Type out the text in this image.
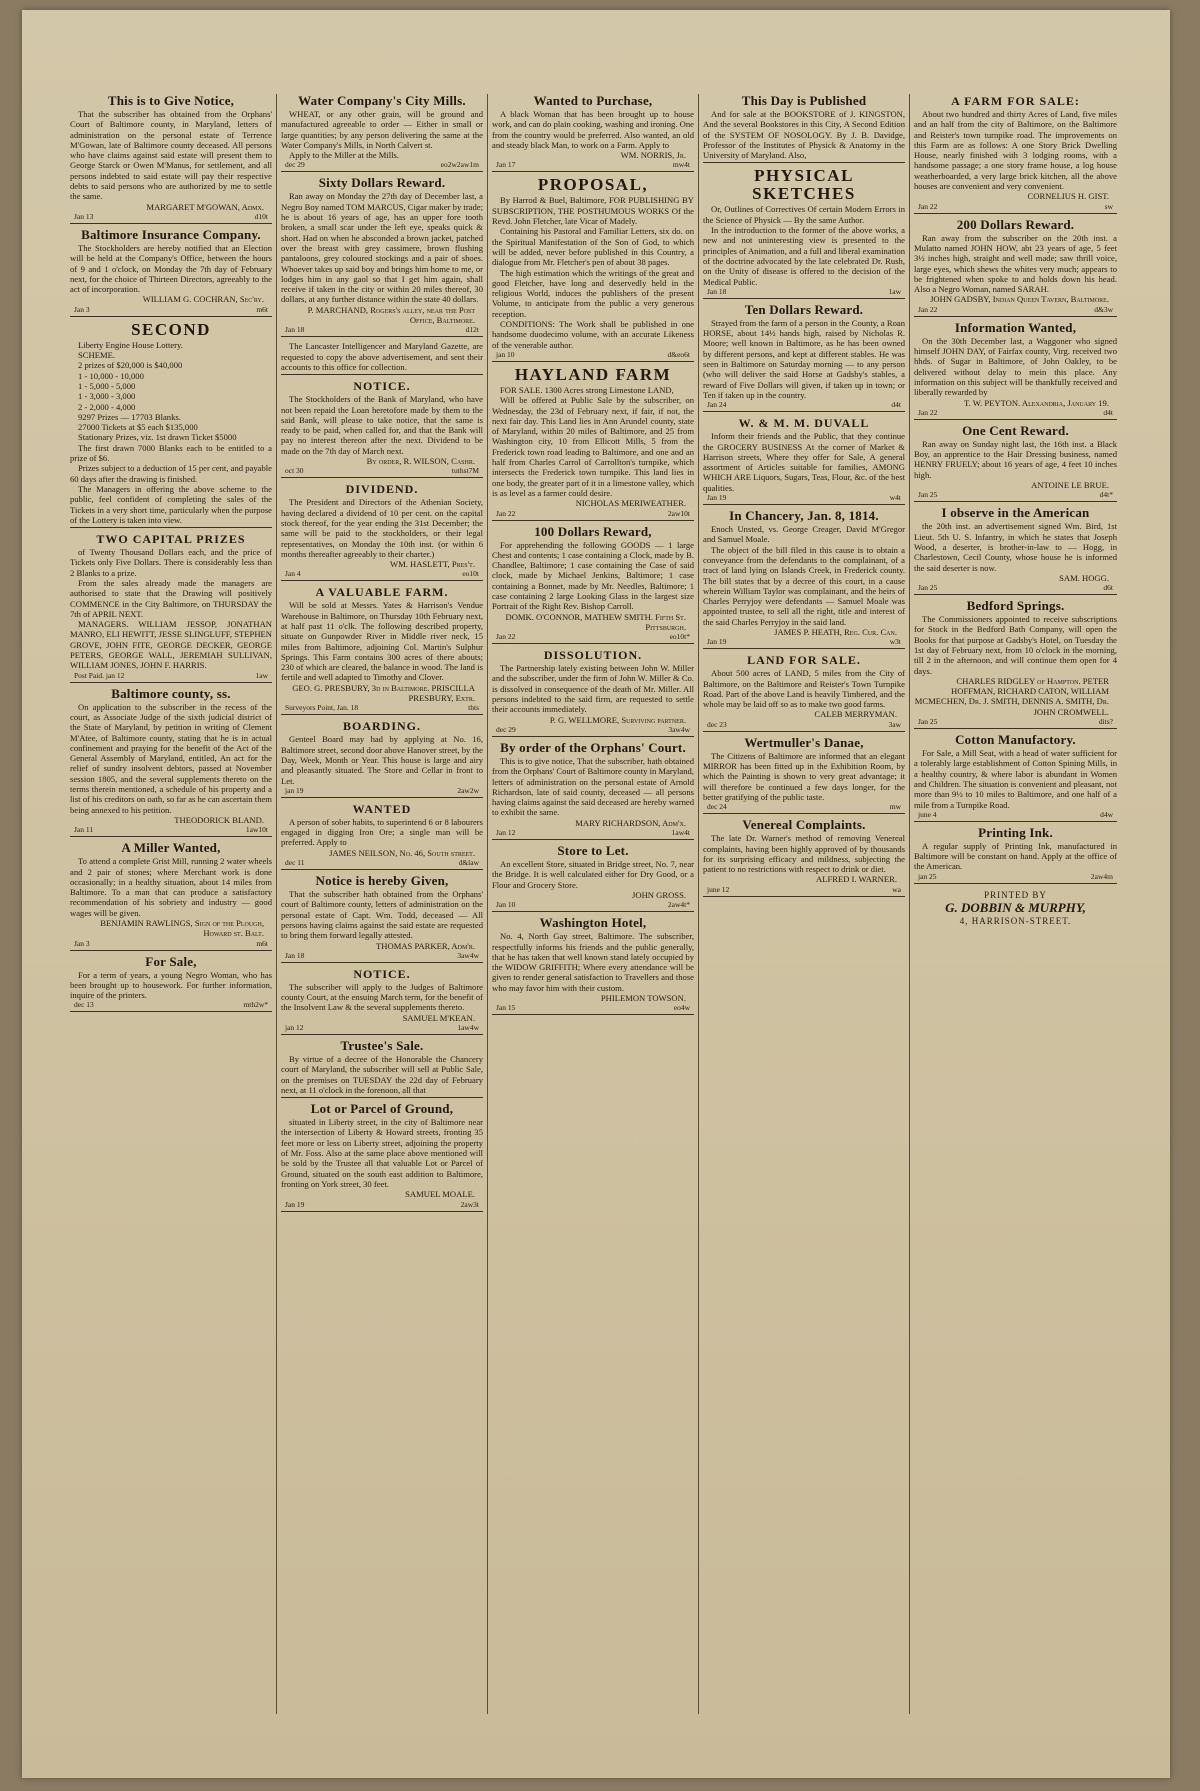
This is to Give Notice,

That the subscriber has obtained from the Orphans' Court of Baltimore county, in Maryland, letters of administration on the personal estate of Terrence M'Gowan, late of Baltimore county deceased. All persons who have claims against said estate will present them to George Starck or Owen M'Manus, for settlement, and all persons indebted to said estate will pay their respective debts to said persons who are authorized by me to settle the same.

MARGARET M'GOWAN, Admx.
Jan 13	d10t
Baltimore Insurance Company.

The Stockholders are hereby notified that an Election will be held at the Company's Office, between the hours of 9 and 1 o'clock, on Monday the 7th day of February next, for the choice of Thirteen Directors, agreeably to the act of incorporation.

WILLIAM G. COCHRAN, Sec'ry.
Jan 3	m6t
SECOND

Liberty Engine House Lottery.

SCHEME.

2 prizes of $20,000 is $40,000

1 - 10,000 - 10,000

1 - 5,000 - 5,000

1 - 3,000 - 3,000

2 - 2,000 - 4,000

9297 Prizes — 17703 Blanks.

27000 Tickets at $5 each $135,000

Stationary Prizes, viz. 1st drawn Ticket $5000

The first drawn 7000 Blanks each to be entitled to a prize of $6.

Prizes subject to a deduction of 15 per cent, and payable 60 days after the drawing is finished.

The Managers in offering the above scheme to the public, feel confident of completing the sales of the Tickets in a very short time, particularly when the purpose of the Lottery is taken into view.

TWO CAPITAL PRIZES

of Twenty Thousand Dollars each, and the price of Tickets only Five Dollars. There is considerably less than 2 Blanks to a prize.

From the sales already made the managers are authorised to state that the Drawing will positively COMMENCE in the City Baltimore, on THURSDAY the 7th of APRIL NEXT.

MANAGERS. WILLIAM JESSOP, JONATHAN MANRO, ELI HEWITT, JESSE SLINGLUFF, STEPHEN GROVE, JOHN FITE, GEORGE DECKER, GEORGE PETERS, GEORGE WALL, JEREMIAH SULLIVAN, WILLIAM JONES, JOHN F. HARRIS.

Post Paid. jan 12	1aw
Baltimore county, ss.

On application to the subscriber in the recess of the court, as Associate Judge of the sixth judicial district of the State of Maryland, by petition in writing of Clement M'Atee, of Baltimore county, stating that he is in actual confinement and praying for the benefit of the Act of the General Assembly of Maryland, entitled, An act for the relief of sundry insolvent debtors, passed at November session 1805, and the several supplements thereto on the terms therein mentioned, a schedule of his property and a list of his creditors on oath, so far as he can ascertain them being annexed to his petition.

THEODORICK BLAND.
Jan 11	1aw10t
A Miller Wanted,

To attend a complete Grist Mill, running 2 water wheels and 2 pair of stones; where Merchant work is done occasionally; in a healthy situation, about 14 miles from Baltimore. To a man that can produce a satisfactory recommendation of his sobriety and industry — good wages will be given.

BENJAMIN RAWLINGS, Sign of the Plough, Howard st. Balt.
Jan 3	m6t
For Sale,

For a term of years, a young Negro Woman, who has been brought up to housework. For further information, inquire of the printers.

dec 13	mth2w*
Water Company's City Mills.

WHEAT, or any other grain, will be ground and manufactured agreeable to order — Either in small or large quantities; by any person delivering the same at the Water Company's Mills, in North Calvert st.

Apply to the Miller at the Mills.

dec 29	eo2w2aw1m
Sixty Dollars Reward.

Ran away on Monday the 27th day of December last, a Negro Boy named TOM MARCUS, Cigar maker by trade; he is about 16 years of age, has an upper fore tooth broken, a small scar under the left eye, speaks quick & short. Had on when he absconded a brown jacket, patched over the breast with grey cassimere, brown flushing pantaloons, grey coloured stockings and a pair of shoes. Whoever takes up said boy and brings him home to me, or lodges him in any gaol so that I get him again, shall receive if taken in the city or within 20 miles thereof, 30 dollars, at any further distance within the state 40 dollars.

P. MARCHAND, Rogers's alley, near the Post Office, Baltimore.
Jan 18	d12t

The Lancaster Intelligencer and Maryland Gazette, are requested to copy the above advertisement, and sent their accounts to this office for collection.

NOTICE.

The Stockholders of the Bank of Maryland, who have not been repaid the Loan heretofore made by them to the said Bank, will please to take notice, that the same is ready to be paid, when called for, and that the Bank will pay no interest thereon after the next. Dividend to be made on the 7th day of March next.

By order, R. WILSON, Cashr.
oct 30	tuthst7M
DIVIDEND.

The President and Directors of the Athenian Society, having declared a dividend of 10 per cent. on the capital stock thereof, for the year ending the 31st December; the same will be paid to the stockholders, or their legal representatives, on Monday the 10th inst. (or within 6 months thereafter agreeably to their charter.)

WM. HASLETT, Pres't.
Jan 4	eo10t
A VALUABLE FARM.

Will be sold at Messrs. Yates & Harrison's Vendue Warehouse in Baltimore, on Thursday 10th February next, at half past 11 o'clk. The following described property, situate on Gunpowder River in Middle river neck, 15 miles from Baltimore, adjoining Col. Martin's Sulphur Springs. This Farm contains 300 acres of there abouts; 230 of which are cleared, the balance in wood. The land is fertile and well adapted to Timothy and Clover.

GEO. G. PRESBURY, 3d in Baltimore. PRISCILLA PRESBURY, Extr.
Surveyors Point, Jan. 18	thts
BOARDING.

Genteel Board may had by applying at No. 16, Baltimore street, second door above Hanover street, by the Day, Week, Month or Year. This house is large and airy and pleasantly situated. The Store and Cellar in front to Let.

jan 19	2aw2w
WANTED

A person of sober habits, to superintend 6 or 8 labourers engaged in digging Iron Ore; a single man will be preferred. Apply to

JAMES NEILSON, No. 46, South street.
dec 11	d&law
Notice is hereby Given,

That the subscriber hath obtained from the Orphans' court of Baltimore county, letters of administration on the personal estate of Capt. Wm. Todd, deceased — All persons having claims against the said estate are requested to bring them forward legally attested.

THOMAS PARKER, Adm'r.
Jan 18	3aw4w
NOTICE.

The subscriber will apply to the Judges of Baltimore county Court, at the ensuing March term, for the benefit of the Insolvent Law & the several supplements thereto.

SAMUEL M'KEAN.
jan 12	1aw4w
Trustee's Sale.

By virtue of a decree of the Honorable the Chancery court of Maryland, the subscriber will sell at Public Sale, on the premises on TUESDAY the 22d day of February next, at 11 o'clock in the forenoon, all that

Lot or Parcel of Ground,

situated in Liberty street, in the city of Baltimore near the intersection of Liberty & Howard streets, fronting 35 feet more or less on Liberty street, adjoining the property of Mr. Foss. Also at the same place above mentioned will be sold by the Trustee all that valuable Lot or Parcel of Ground, situated on the south east addition to Baltimore, fronting on York street, 30 feet.

SAMUEL MOALE.
Jan 19	2aw3t
Wanted to Purchase,

A black Woman that has been brought up to house work, and can do plain cooking, washing and ironing. One from the country would be preferred. Also wanted, an old and steady black Man, to work on a Farm. Apply to

WM. NORRIS, Jr.
Jan 17	mw4t
PROPOSAL,

By Harrod & Buel, Baltimore, FOR PUBLISHING BY SUBSCRIPTION, THE POSTHUMOUS WORKS Of the Revd. John Fletcher, late Vicar of Madely.

Containing his Pastoral and Familiar Letters, six do. on the Spiritual Manifestation of the Son of God, to which will be added, never before published in this Country, a dialogue from Mr. Fletcher's pen of about 38 pages.

The high estimation which the writings of the great and good Fletcher, have long and deservedly held in the religious World, induces the publishers of the present Volume, to anticipate from the public a very generous reception.

CONDITIONS: The Work shall be published in one handsome duodecimo volume, with an accurate Likeness of the venerable author.

jan 10	d&eo6t
HAYLAND FARM

FOR SALE. 1300 Acres strong Limestone LAND,

Will be offered at Public Sale by the subscriber, on Wednesday, the 23d of February next, if fair, if not, the next fair day. This Land lies in Ann Arundel county, state of Maryland, within 20 miles of Baltimore, and 25 from Washington city, 10 from Ellicott Mills, 5 from the Frederick town road leading to Baltimore, and one and an half from Charles Carrol of Carrollton's turnpike, which intersects the Frederick town turnpike. This land lies in one body, the greater part of it in a limestone valley, which is as level as a farmer could desire.

NICHOLAS MERIWEATHER.
Jan 22	2aw10t
100 Dollars Reward,

For apprehending the following GOODS — 1 large Chest and contents; 1 case containing a Clock, made by B. Chandlee, Baltimore; 1 case containing the Case of said clock, made by Michael Jenkins, Baltimore; 1 case containing a Bonnet, made by Mr. Needles, Baltimore; 1 case containing 2 large Looking Glass in the largest size Portrait of the Right Rev. Bishop Carroll.

DOMK. O'CONNOR, MATHEW SMITH. Fifth St. Pittsburgh.
Jan 22	eo10t*
DISSOLUTION.

The Partnership lately existing between John W. Miller and the subscriber, under the firm of John W. Miller & Co. is dissolved in consequence of the death of Mr. Miller. All persons indebted to the said firm, are requested to settle their accounts immediately.

P. G. WELLMORE, Surviving partner.
dec 29	3aw4w
By order of the Orphans' Court.

This is to give notice, That the subscriber, hath obtained from the Orphans' Court of Baltimore county in Maryland, letters of administration on the personal estate of Arnold Richardson, late of said county, deceased — all persons having claims against the said deceased are hereby warned to exhibit the same.

MARY RICHARDSON, Adm'x.
Jan 12	1aw4t
Store to Let.

An excellent Store, situated in Bridge street, No. 7, near the Bridge. It is well calculated either for Dry Good, or a Flour and Grocery Store.

JOHN GROSS.
Jan 10	2aw4t*
Washington Hotel,

No. 4, North Gay street, Baltimore. The subscriber, respectfully informs his friends and the public generally, that he has taken that well known stand lately occupied by the WIDOW GRIFFITH; Where every attendance will be given to render general satisfaction to Travellers and those who may favor him with their custom.

PHILEMON TOWSON.
Jan 15	eo4w
This Day is Published

And for sale at the BOOKSTORE of J. KINGSTON, And the several Bookstores in this City, A Second Edition of the SYSTEM OF NOSOLOGY. By J. B. Davidge, Professor of the Institutes of Physick & Anatomy in the University of Maryland. Also,

PHYSICAL SKETCHES

Or, Outlines of Correctives Of certain Modern Errors in the Science of Physick — By the same Author.

In the introduction to the former of the above works, a new and not uninteresting view is presented to the principles of Animation, and a full and liberal examination of the doctrine advocated by the late celebrated Dr. Rush, on the Unity of disease is offered to the decision of the Medical Public.

Jan 18	1aw
Ten Dollars Reward.

Strayed from the farm of a person in the County, a Roan HORSE, about 14½ hands high, raised by Nicholas R. Moore; well known in Baltimore, as he has been owned by different persons, and kept at different stables. He was seen in Baltimore on Saturday morning — to any person (who will deliver the said Horse at Gadsby's stables, a reward of Five Dollars will given, if taken up in town; or Ten if taken up in the country.

Jan 24	d4t
W. & M. M. DUVALL

Inform their friends and the Public, that they continue the GROCERY BUSINESS At the corner of Market & Harrison streets, Where they offer for Sale, A general assortment of Articles suitable for families, AMONG WHICH ARE Liquors, Sugars, Teas, Flour, &c. of the best qualities.

Jan 19	w4t
In Chancery, Jan. 8, 1814.

Enoch Unsted, vs. George Creager, David M'Gregor and Samuel Moale.

The object of the bill filed in this cause is to obtain a conveyance from the defendants to the complainant, of a tract of land lying on Islands Creek, in Frederick county. The bill states that by a decree of this court, in a cause wherein William Taylor was complainant, and the heirs of Charles Perryjoy were defendants — Samuel Moale was appointed trustee, to sell all the right, title and interest of the said Charles Perryjoy in the said land.

JAMES P. HEATH, Reg. Cur. Can.
Jan 19	w3t
LAND FOR SALE.

About 500 acres of LAND, 5 miles from the City of Baltimore, on the Baltimore and Reister's Town Turnpike Road. Part of the above Land is heavily Timbered, and the whole may be laid off so as to make two good farms.

CALEB MERRYMAN.
dec 23	3aw
Wertmuller's Danae,

The Citizens of Baltimore are informed that an elegant MIRROR has been fitted up in the Exhibition Room, by which the Painting is shown to very great advantage; it will therefore be continued a few days longer, for the better gratifying of the public taste.

dec 24	mw
Venereal Complaints.

The late Dr. Warner's method of removing Venereal complaints, having been highly approved of by thousands for its surprising efficacy and mildness, subjecting the patient to no restrictions with respect to drink or diet.

ALFRED I. WARNER.
june 12	wa
A FARM FOR SALE:

About two hundred and thirty Acres of Land, five miles and an half from the city of Baltimore, on the Baltimore and Reister's town turnpike road. The improvements on this Farm are as follows: A one Story Brick Dwelling House, nearly finished with 3 lodging rooms, with a handsome passage; a one story frame house, a log house weatherboarded, a very large brick kitchen, all the above houses are convenient and very convenient.

CORNELIUS H. GIST.
Jan 22	sw
200 Dollars Reward.

Ran away from the subscriber on the 20th inst. a Mulatto named JOHN HOW, abt 23 years of age, 5 feet 3½ inches high, straight and well made; saw thrill voice, large eyes, which shews the whites very much; appears to be frightened when spoke to and holds down his head. Also a Negro Woman, named SARAH.

JOHN GADSBY, Indian Queen Tavern, Baltimore.
Jan 22	d&3w
Information Wanted,

On the 30th December last, a Waggoner who signed himself JOHN DAY, of Fairfax county, Virg. received two hhds. of Sugar in Baltimore, of John Oakley, to be delivered without delay to mein this place. Any information on this subject will be thankfully received and liberally rewarded by

T. W. PEYTON. Alexandria, January 19.
Jan 22	d4t
One Cent Reward.

Ran away on Sunday night last, the 16th inst. a Black Boy, an apprentice to the Hair Dressing business, named HENRY FRUELY; about 16 years of age, 4 feet 10 inches high.

ANTOINE LE BRUE.
Jan 25	d4t*
I observe in the American

the 20th inst. an advertisement signed Wm. Bird, 1st Lieut. 5th U. S. Infantry, in which he states that Joseph Wood, a deserter, is brother-in-law to — Hogg, in Charlestown, Cecil County, whose house he is informed the said deserter is now.

SAM. HOGG.
Jan 25	d6t
Bedford Springs.

The Commissioners appointed to receive subscriptions for Stock in the Bedford Bath Company, will open the Books for that purpose at Gadsby's Hotel, on Tuesday the 1st day of February next, from 10 o'clock in the morning, till 2 in the afternoon, and will continue them open for 4 days.

CHARLES RIDGLEY of Hampton. PETER HOFFMAN, RICHARD CATON, WILLIAM MCMECHEN, Dr. J. SMITH, DENNIS A. SMITH, Dr. JOHN CROMWELL.
Jan 25	dits?
Cotton Manufactory.

For Sale, a Mill Seat, with a head of water sufficient for a tolerably large establishment of Cotton Spining Mills, in a healthy country, & where labor is abundant in Women and Children. The situation is convenient and pleasant, not more than 9½ to 10 miles to Baltimore, and one half of a mile from a Turnpike Road.

june 4	d4w
Printing Ink.

A regular supply of Printing Ink, manufactured in Baltimore will be constant on hand. Apply at the office of the American.

jan 25	2aw4m
PRINTED BY
G. DOBBIN & MURPHY,
4, HARRISON-STREET.
